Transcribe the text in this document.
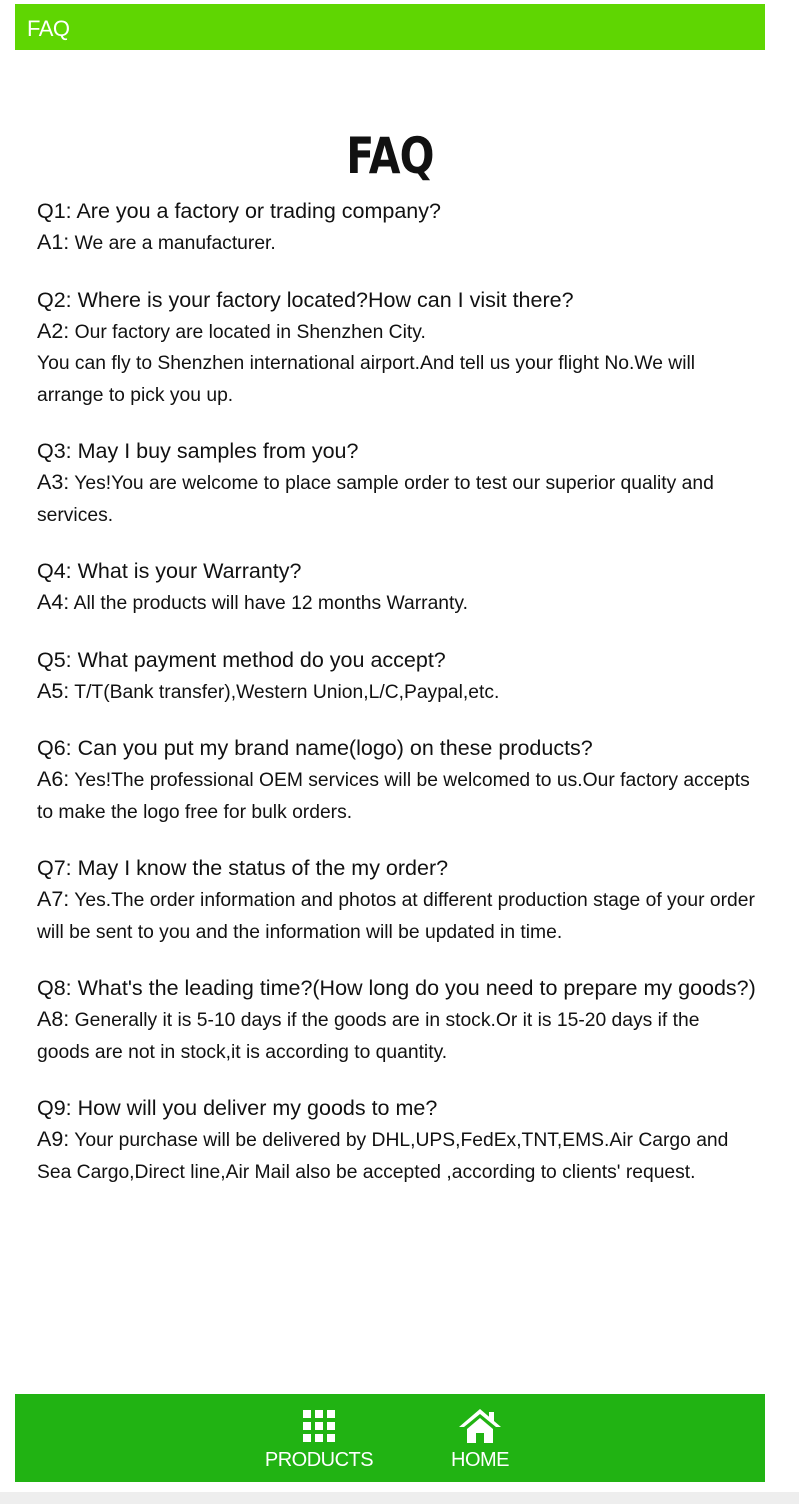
FAQ
FAQ

Q1: Are you a factory or trading company?

A1: We are a manufacturer.

Q2: Where is your factory located?How can I visit there?

A2: Our factory are located in Shenzhen City.

You can fly to Shenzhen international airport.And tell us your flight No.We will arrange to pick you up.

Q3: May I buy samples from you?

A3: Yes!You are welcome to place sample order to test our superior quality and services.

Q4: What is your Warranty?

A4: All the products will have 12 months Warranty.

Q5: What payment method do you accept?

A5: T/T(Bank transfer),Western Union,L/C,Paypal,etc.

Q6: Can you put my brand name(logo) on these products?

A6: Yes!The professional OEM services will be welcomed to us.Our factory accepts to make the logo free for bulk orders.

Q7: May I know the status of the my order?

A7: Yes.The order information and photos at different production stage of your order will be sent to you and the information will be updated in time.

Q8: What's the leading time?(How long do you need to prepare my goods?)

A8: Generally it is 5-10 days if the goods are in stock.Or it is 15-20 days if the goods are not in stock,it is according to quantity.

Q9: How will you deliver my goods to me?

A9: Your purchase will be delivered by DHL,UPS,FedEx,TNT,EMS.Air Cargo and Sea Cargo,Direct line,Air Mail also be accepted ,according to clients' request.

PRODUCTS	HOME
